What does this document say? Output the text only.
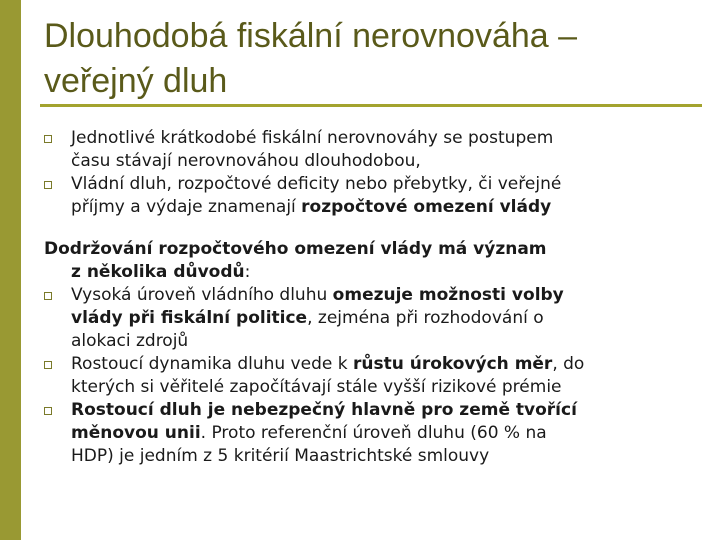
Dlouhodobá fiskální nerovnováha –
veřejný dluh
Jednotlivé krátkodobé fiskální nerovnováhy se postupem
času stávají nerovnováhou dlouhodobou,
Vládní dluh, rozpočtové deficity nebo přebytky, či veřejné
příjmy a výdaje znamenají rozpočtové omezení vlády
Dodržování rozpočtového omezení vlády má význam
z několika důvodů:
Vysoká úroveň vládního dluhu omezuje možnosti volby
vlády při fiskální politice, zejména při rozhodování o
alokaci zdrojů
Rostoucí dynamika dluhu vede k růstu úrokových měr, do
kterých si věřitelé započítávají stále vyšší rizikové prémie
Rostoucí dluh je nebezpečný hlavně pro země tvořící
měnovou unii. Proto referenční úroveň dluhu (60 % na
HDP) je jedním z 5 kritérií Maastrichtské smlouvy
